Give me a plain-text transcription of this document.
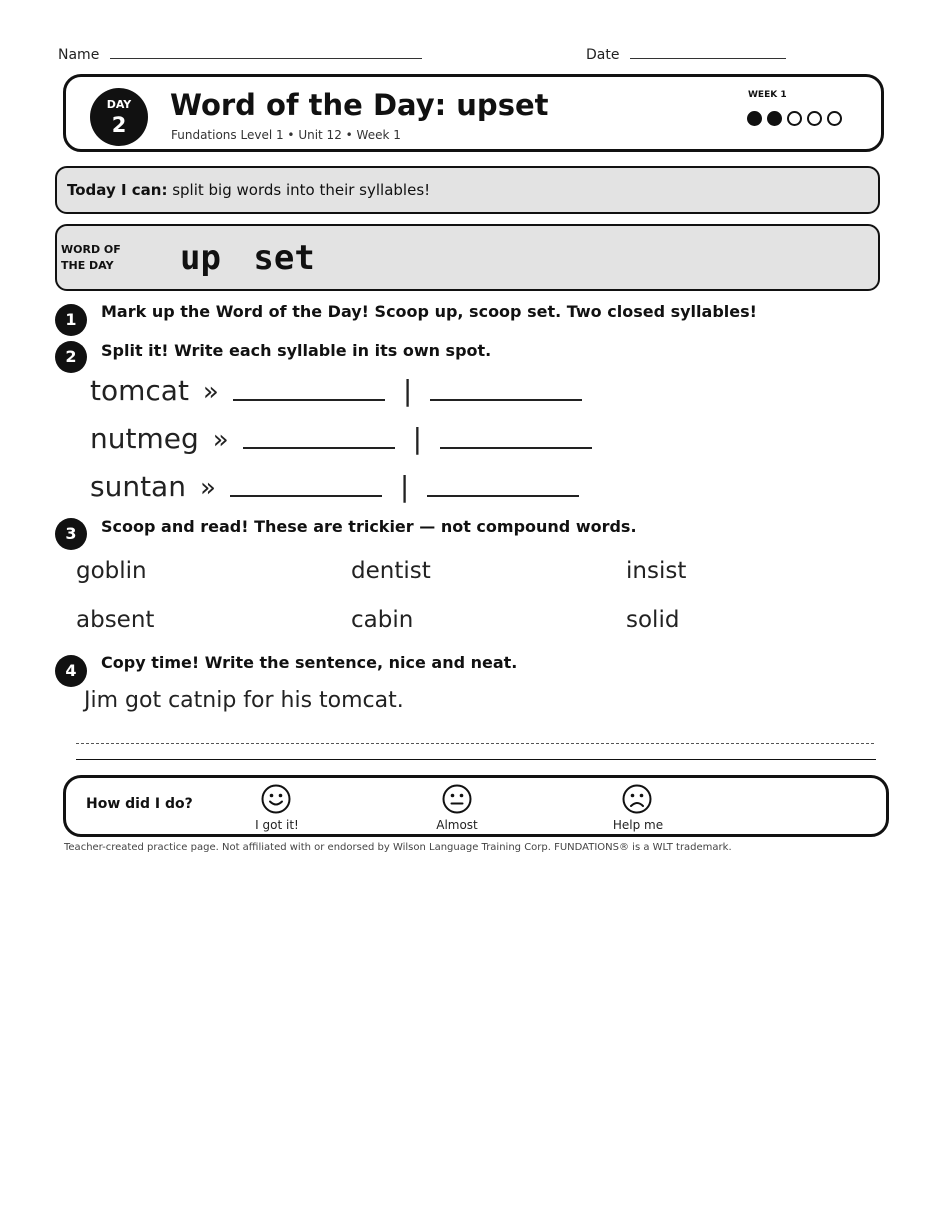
Name	Date
DAY
2
Word of the Day: upset
Fundations Level 1 • Unit 12 • Week 1
WEEK 1
Today I can: split big words into their syllables!
WORD OF
THE DAY up set
1	Mark up the Word of the Day! Scoop up, scoop set. Two closed syllables!
2	Split it! Write each syllable in its own spot.
tomcat »	|
nutmeg »	|
suntan »	|
3	Scoop and read! These are trickier — not compound words.
goblin	dentist	insist
absent	cabin	solid
4	Copy time! Write the sentence, nice and neat.
Jim got catnip for his tomcat.
How did I do?
I got it!	Almost	Help me
Teacher-created practice page. Not affiliated with or endorsed by Wilson Language Training Corp. FUNDATIONS® is a WLT trademark.
